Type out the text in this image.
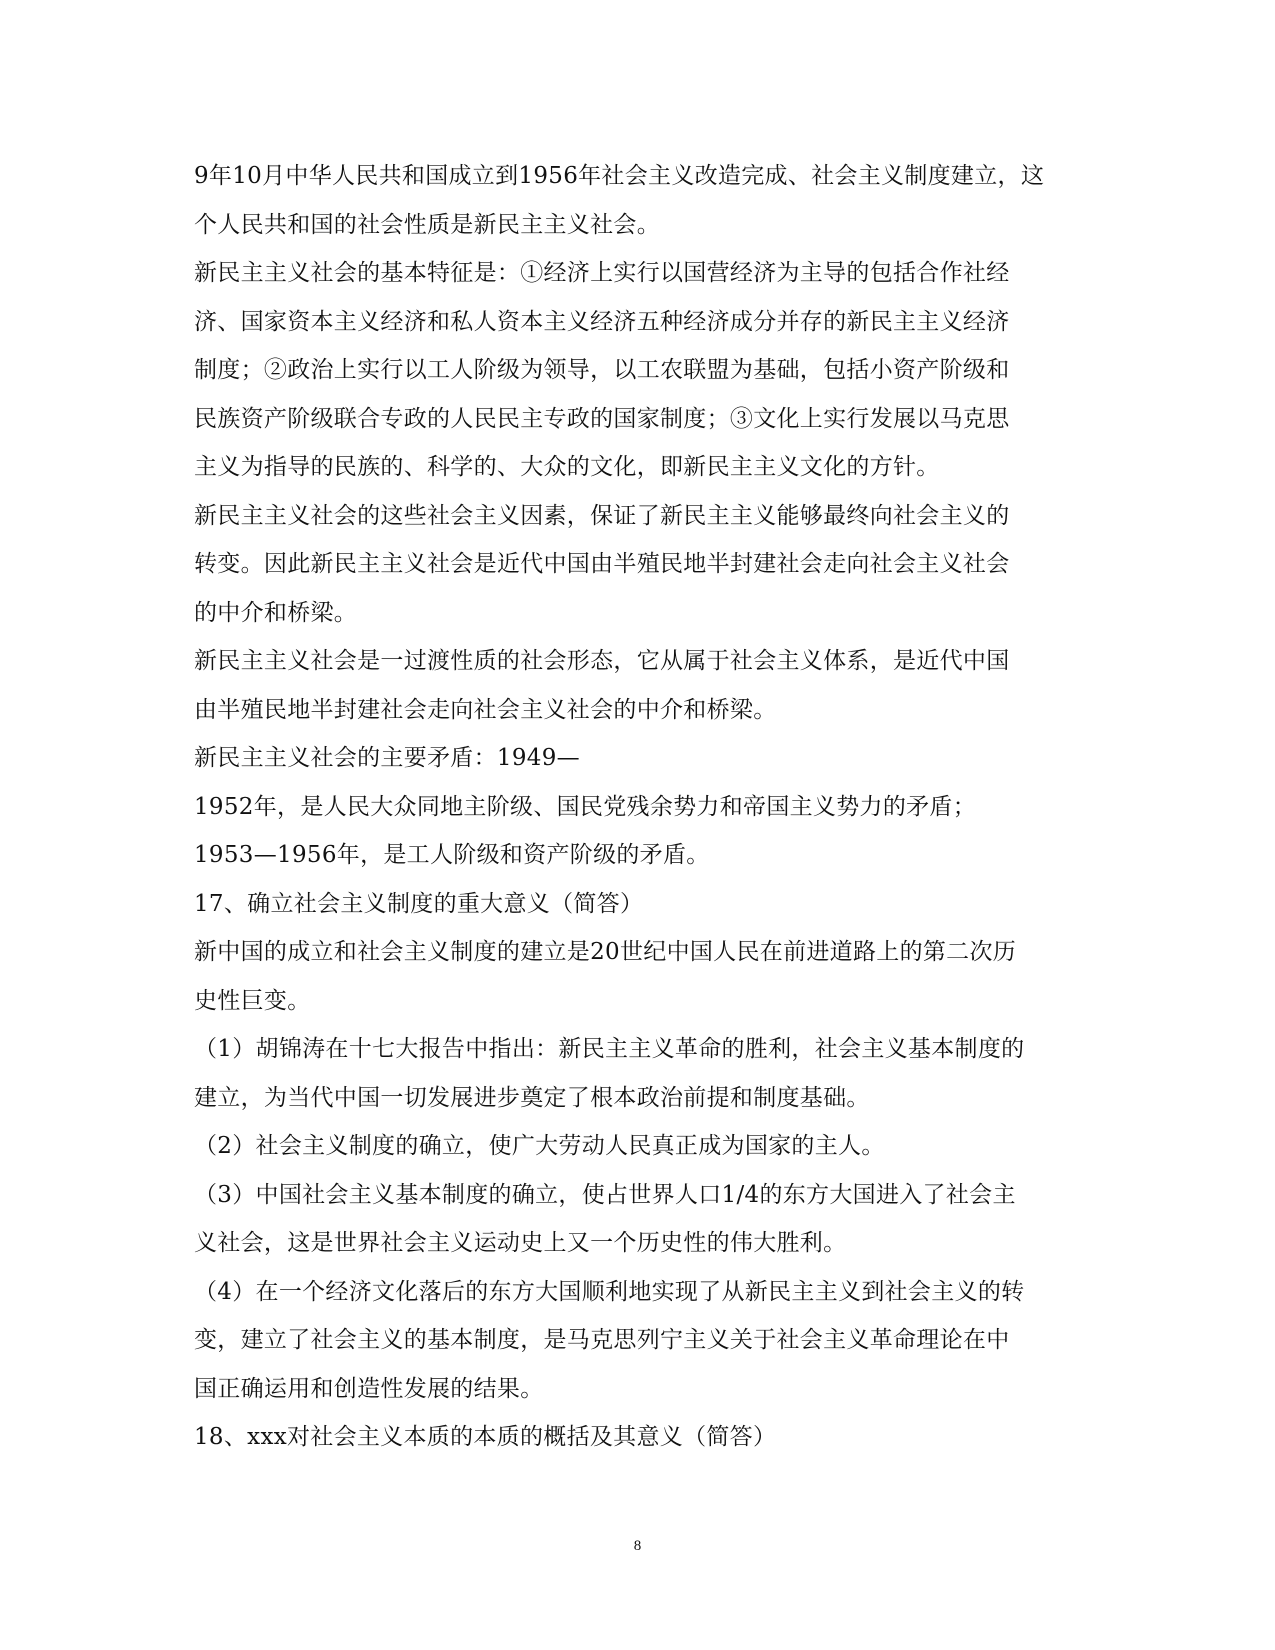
9年10月中华人民共和国成立到1956年社会主义改造完成、社会主义制度建立，这
个人民共和国的社会性质是新民主主义社会。
新民主主义社会的基本特征是：①经济上实行以国营经济为主导的包括合作社经
济、国家资本主义经济和私人资本主义经济五种经济成分并存的新民主主义经济
制度；②政治上实行以工人阶级为领导，以工农联盟为基础，包括小资产阶级和
民族资产阶级联合专政的人民民主专政的国家制度；③文化上实行发展以马克思
主义为指导的民族的、科学的、大众的文化，即新民主主义文化的方针。
新民主主义社会的这些社会主义因素，保证了新民主主义能够最终向社会主义的
转变。因此新民主主义社会是近代中国由半殖民地半封建社会走向社会主义社会
的中介和桥梁。
新民主主义社会是一过渡性质的社会形态，它从属于社会主义体系，是近代中国
由半殖民地半封建社会走向社会主义社会的中介和桥梁。
新民主主义社会的主要矛盾：1949—
1952年，是人民大众同地主阶级、国民党残余势力和帝国主义势力的矛盾；
1953—1956年，是工人阶级和资产阶级的矛盾。
17、确立社会主义制度的重大意义（简答）
新中国的成立和社会主义制度的建立是20世纪中国人民在前进道路上的第二次历
史性巨变。
（1）胡锦涛在十七大报告中指出：新民主主义革命的胜利，社会主义基本制度的
建立，为当代中国一切发展进步奠定了根本政治前提和制度基础。
（2）社会主义制度的确立，使广大劳动人民真正成为国家的主人。
（3）中国社会主义基本制度的确立，使占世界人口1/4的东方大国进入了社会主
义社会，这是世界社会主义运动史上又一个历史性的伟大胜利。
（4）在一个经济文化落后的东方大国顺利地实现了从新民主主义到社会主义的转
变，建立了社会主义的基本制度，是马克思列宁主义关于社会主义革命理论在中
国正确运用和创造性发展的结果。
18、xxx对社会主义本质的本质的概括及其意义（简答）
8
